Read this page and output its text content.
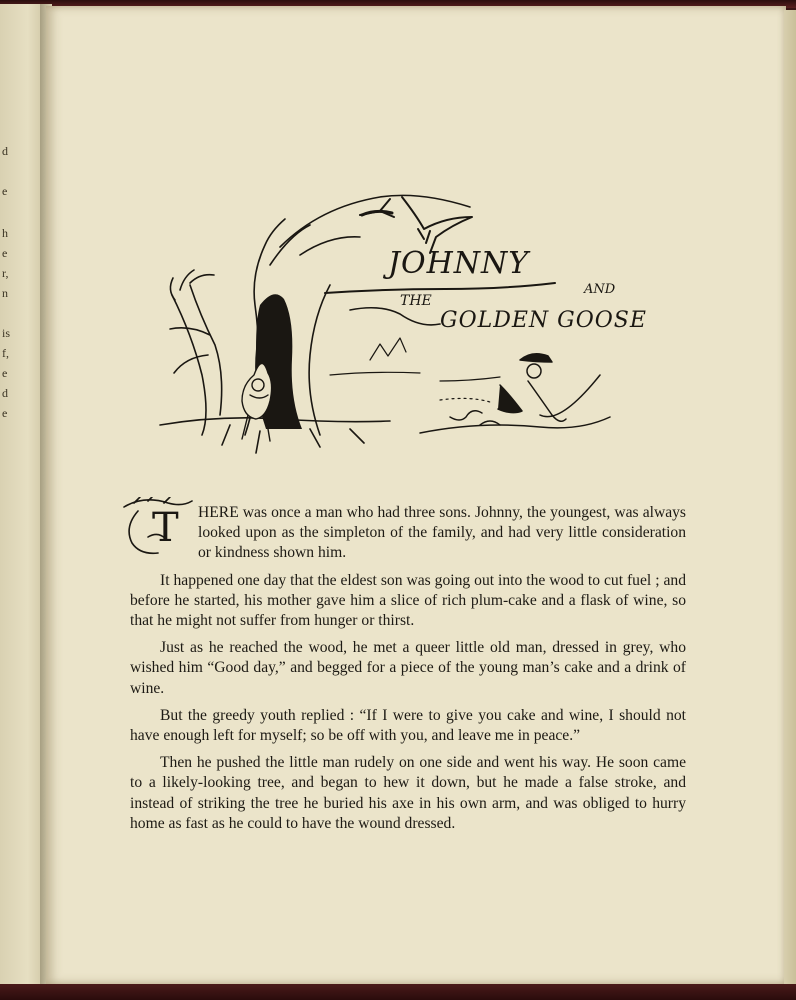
d
e
h
e
r,
n
is
f,
e
d
e
JOHNNY
AND
THE
GOLDEN GOOSE

T HERE was once a man who had three sons. Johnny, the youngest, was always looked upon as the simpleton of the family, and had very little consideration or kindness shown him.

It happened one day that the eldest son was going out into the wood to cut fuel ; and before he started, his mother gave him a slice of rich plum-cake and a flask of wine, so that he might not suffer from hunger or thirst.

Just as he reached the wood, he met a queer little old man, dressed in grey, who wished him “Good day,” and begged for a piece of the young man’s cake and a drink of wine.

But the greedy youth replied : “If I were to give you cake and wine, I should not have enough left for myself; so be off with you, and leave me in peace.”

Then he pushed the little man rudely on one side and went his way. He soon came to a likely-looking tree, and began to hew it down, but he made a false stroke, and instead of striking the tree he buried his axe in his own arm, and was obliged to hurry home as fast as he could to have the wound dressed.
